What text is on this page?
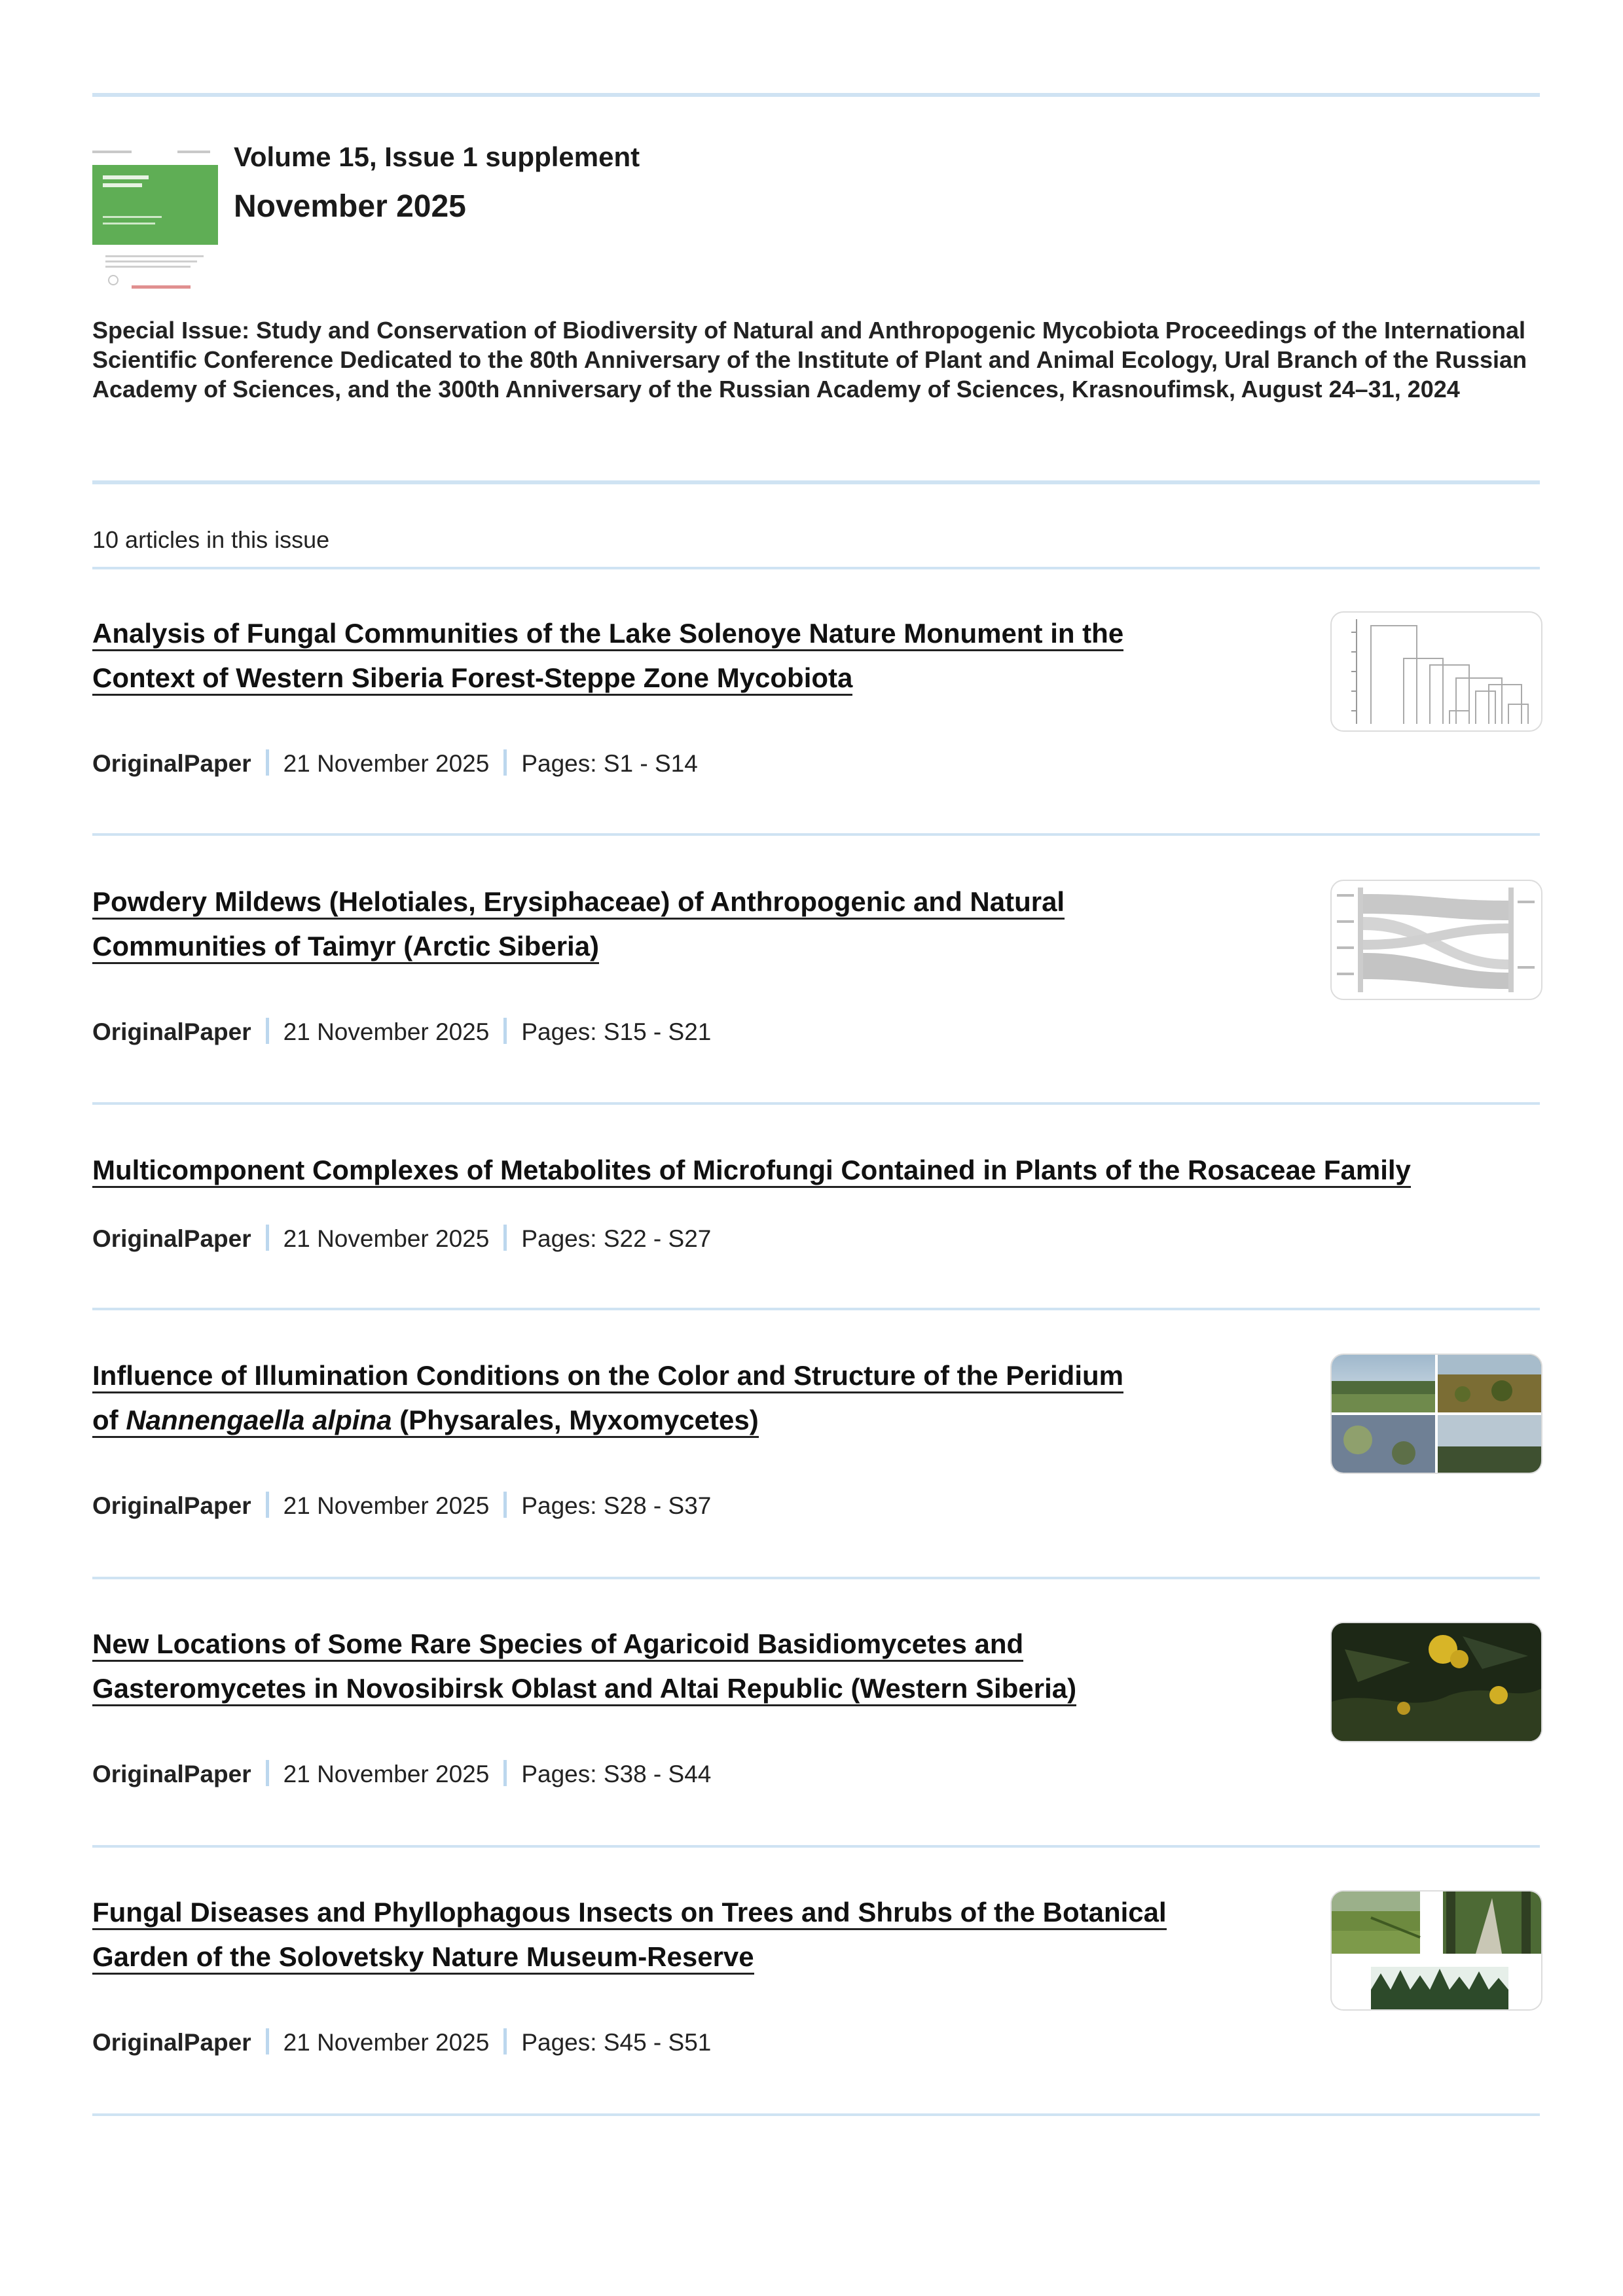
Volume 15, Issue 1 supplement
November 2025
Special Issue: Study and Conservation of Biodiversity of Natural and Anthropogenic Mycobiota Proceedings of the International Scientific Conference Dedicated to the 80th Anniversary of the Institute of Plant and Animal Ecology, Ural Branch of the Russian Academy of Sciences, and the 300th Anniversary of the Russian Academy of Sciences, Krasnoufimsk, August 24–31, 2024
10 articles in this issue
Analysis of Fungal Communities of the Lake Solenoye Nature Monument in the
Context of Western Siberia Forest-Steppe Zone Mycobiota
OriginalPaper 21 November 2025 Pages: S1 - S14
Powdery Mildews (Helotiales, Erysiphaceae) of Anthropogenic and Natural
Communities of Taimyr (Arctic Siberia)
OriginalPaper 21 November 2025 Pages: S15 - S21
Multicomponent Complexes of Metabolites of Microfungi Contained in Plants of the Rosaceae Family
OriginalPaper 21 November 2025 Pages: S22 - S27
Influence of Illumination Conditions on the Color and Structure of the Peridium
of Nannengaella alpina (Physarales, Myxomycetes)
OriginalPaper 21 November 2025 Pages: S28 - S37
New Locations of Some Rare Species of Agaricoid Basidiomycetes and
Gasteromycetes in Novosibirsk Oblast and Altai Republic (Western Siberia)
OriginalPaper 21 November 2025 Pages: S38 - S44
Fungal Diseases and Phyllophagous Insects on Trees and Shrubs of the Botanical
Garden of the Solovetsky Nature Museum-Reserve
OriginalPaper 21 November 2025 Pages: S45 - S51
